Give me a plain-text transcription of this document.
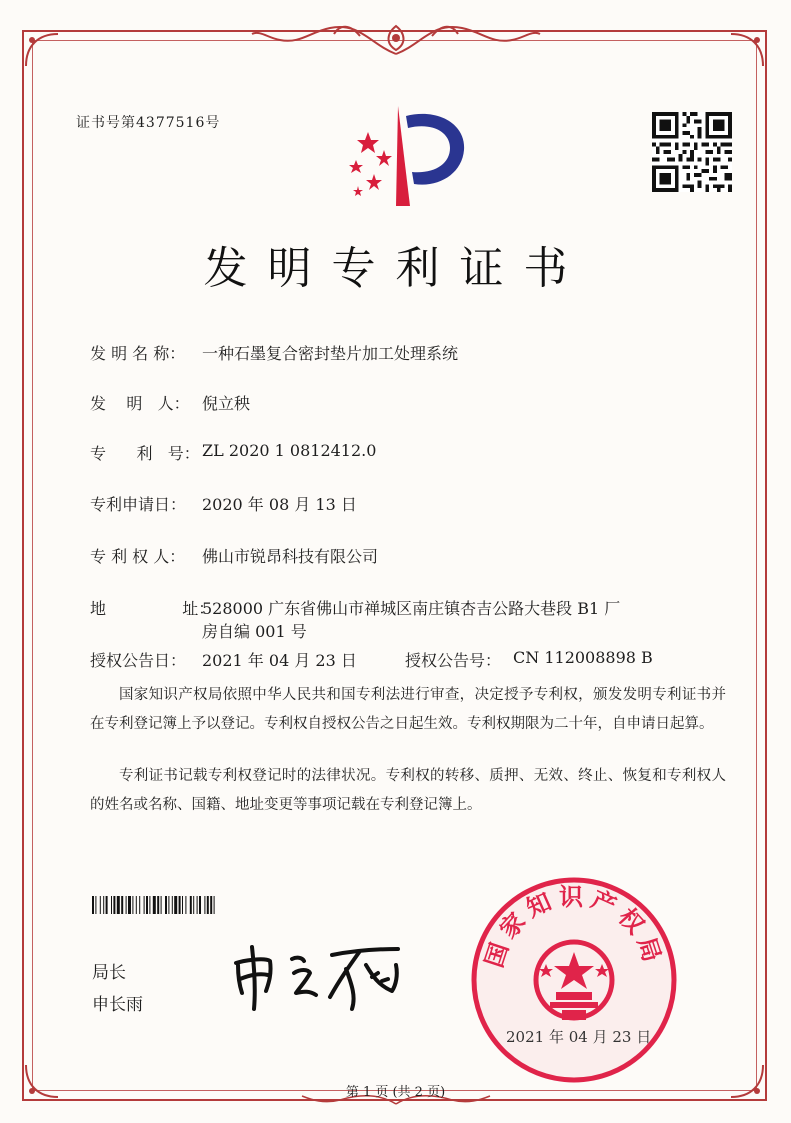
证书号第4377516号
发明专利证书
发 明 名 称： 一种石墨复合密封垫片加工处理系统
发    明   人： 倪立秧
专      利   号： ZL 2020 1 0812412.0
专利申请日： 2020 年 08 月 13 日
专 利 权 人： 佛山市锐昂科技有限公司
地               址：
528000 广东省佛山市禅城区南庄镇杏吉公路大巷段 B1 厂
房自编 001 号
授权公告日： 2021 年 04 月 23 日	授权公告号： CN 112008898 B
国家知识产权局依照中华人民共和国专利法进行审查，决定授予专利权，颁发发明专利证书并在专利登记簿上予以登记。专利权自授权公告之日起生效。专利权期限为二十年，自申请日起算。
专利证书记载专利权登记时的法律状况。专利权的转移、质押、无效、终止、恢复和专利权人的姓名或名称、国籍、地址变更等事项记载在专利登记簿上。
局长
申长雨
国家知识产权局
2021 年 04 月 23 日
第 1 页 (共 2 页)
